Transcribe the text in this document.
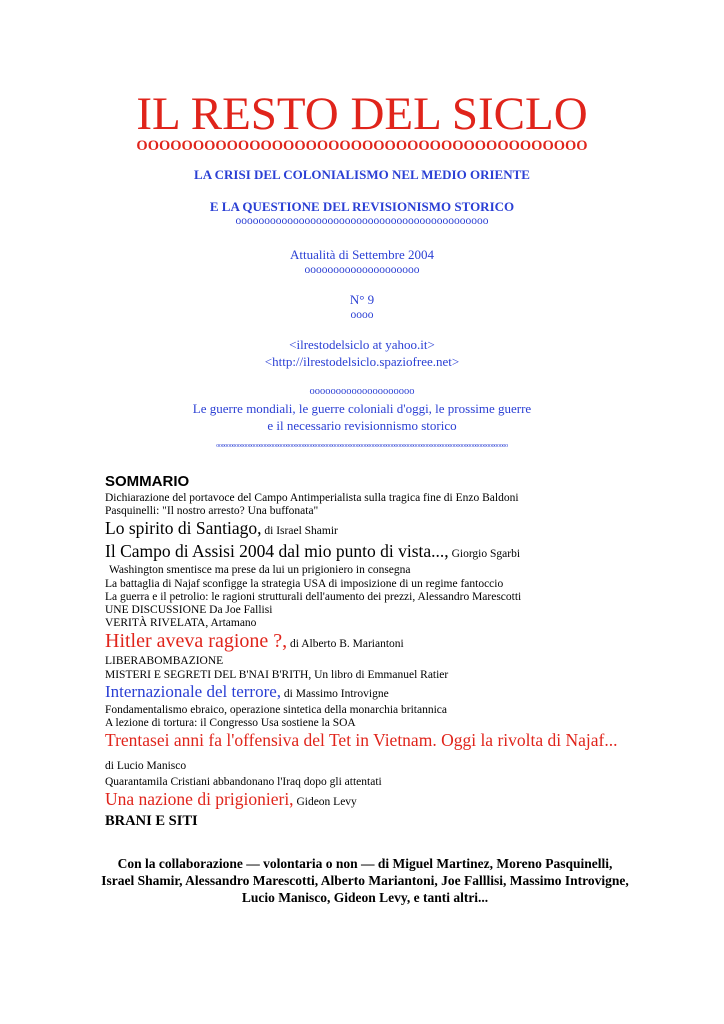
IL RESTO DEL SICLO
OOOOOOOOOOOOOOOOOOOOOOOOOOOOOOOOOOOOOOOO
LA CRISI DEL COLONIALISMO NEL MEDIO ORIENTE
E LA QUESTIONE DEL REVISIONISMO STORICO
oooooooooooooooooooooooooooooooooooooooooooo
Attualità di Settembre 2004
oooooooooooooooooooo
N° 9
oooo
<ilrestodelsiclo at yahoo.it>
<http://ilrestodelsiclo.spaziofree.net>
oooooooooooooooooooo
Le guerre mondiali, le guerre coloniali d'oggi, le prossime guerre
e il necessario revisionnismo storico
oooooooooooooooooooooooooooooooooooooooooooooooooooooooooooooooooooooooooooooooooooooooooooooooooooooooooooo
SOMMARIO
Dichiarazione del portavoce del Campo Antimperialista sulla tragica fine di Enzo Baldoni
Pasquinelli: "Il nostro arresto? Una buffonata"
Lo spirito di Santiago, di Israel Shamir
Il Campo di Assisi 2004 dal mio punto di vista..., Giorgio Sgarbi
Washington smentisce ma prese da lui un prigioniero in consegna
La battaglia di Najaf sconfigge la strategia USA di imposizione di un regime fantoccio
La guerra e il petrolio: le ragioni strutturali dell'aumento dei prezzi, Alessandro Marescotti
UNE DISCUSSIONE Da Joe Fallisi
VERITÀ RIVELATA, Artamano
Hitler aveva ragione ?, di Alberto B. Mariantoni
LIBERABOMBAZIONE
MISTERI E SEGRETI DEL B'NAI B'RITH, Un libro di Emmanuel Ratier
Internazionale del terrore, di Massimo Introvigne
Fondamentalismo ebraico, operazione sintetica della monarchia britannica
A lezione di tortura: il Congresso Usa sostiene la SOA
Trentasei anni fa l'offensiva del Tet in Vietnam. Oggi la rivolta di Najaf... di Lucio Manisco
Quarantamila Cristiani abbandonano l'Iraq dopo gli attentati
Una nazione di prigionieri, Gideon Levy
BRANI E SITI
Con la collaborazione — volontaria o non — di Miguel Martinez, Moreno Pasquinelli, Israel Shamir, Alessandro Marescotti, Alberto Mariantoni, Joe Falllisi, Massimo Introvigne, Lucio Manisco, Gideon Levy, e tanti altri...
